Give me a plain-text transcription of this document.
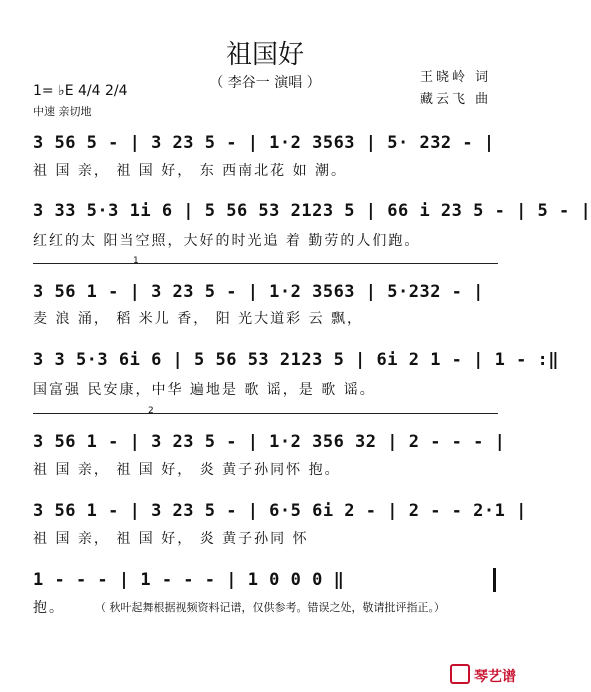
祖国好
（ 李谷一 演唱 ）
1= ♭E 4/4 2/4
中速 亲切地
王晓岭 词
藏云飞 曲
3 56 5 - | 3 23 5 - | 1·2 3563 | 5· 232 - |
祖 国 亲， 祖 国 好， 东 西南北花 如 潮。
3 33 5·3 1i 6 | 5 56 53 2123 5 | 66 i 23 5 - | 5 - |
红红的太 阳当空照，大好的时光追 着 勤劳的人们跑。
1
3 56 1 - | 3 23 5 - | 1·2 3563 | 5·232 - |
麦 浪 涌， 稻 米儿 香， 阳 光大道彩 云 飘，
3 3 5·3 6i 6 | 5 56 53 2123 5 | 6i 2 1 - | 1 - :‖
国富强 民安康，中华 遍地是 歌 谣，是 歌 谣。
2
3 56 1 - | 3 23 5 - | 1·2 356 32 | 2 - - - |
祖 国 亲， 祖 国 好， 炎 黄子孙同怀 抱。
3 56 1 - | 3 23 5 - | 6·5 6i 2 - | 2 - - 2·1 |
祖 国 亲， 祖 国 好， 炎 黄子孙同 怀
1 - - - | 1 - - - | 1 0 0 0 ‖
抱。	（ 秋叶起舞根据视频资料记谱，仅供参考。错误之处，敬请批评指正。）
琴艺谱
